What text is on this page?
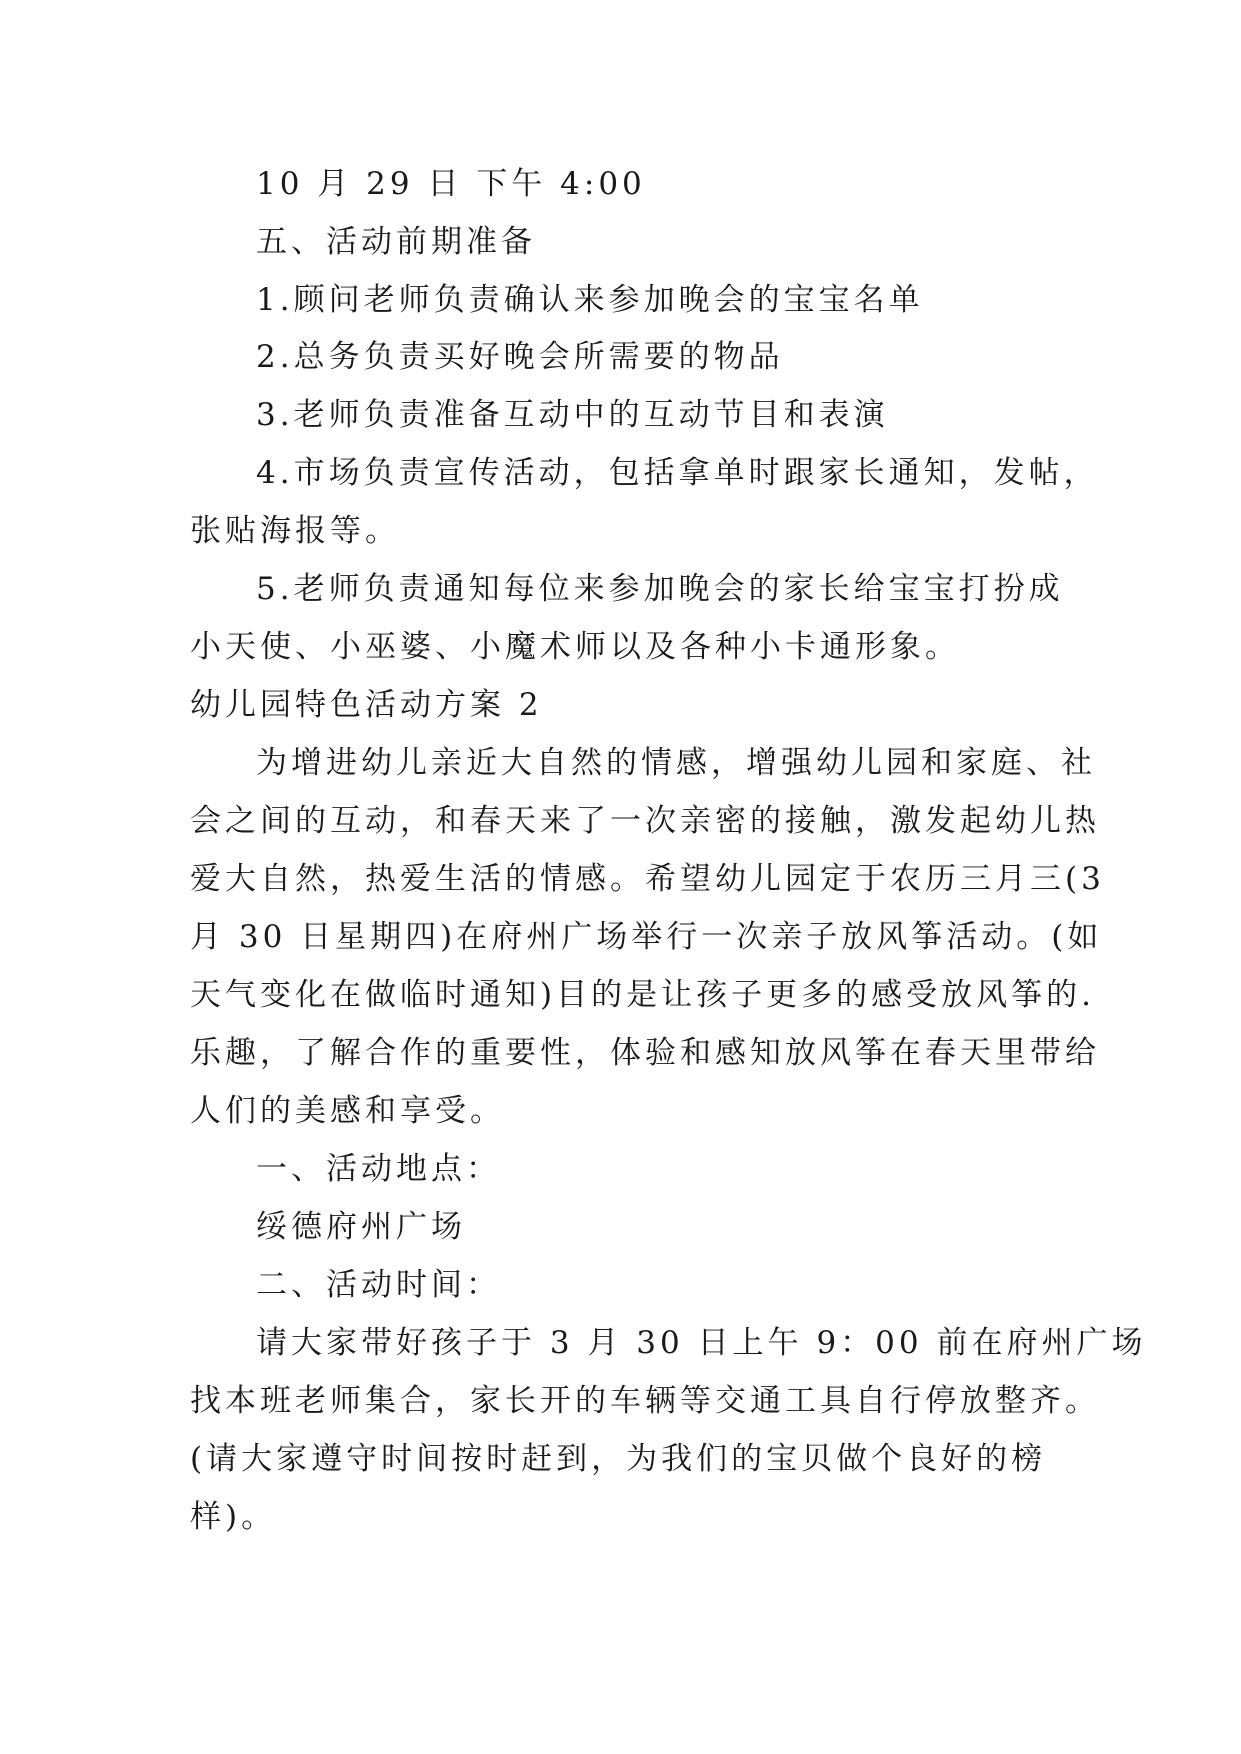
10 月 29 日 下午 4:00

五、活动前期准备

1.顾问老师负责确认来参加晚会的宝宝名单

2.总务负责买好晚会所需要的物品

3.老师负责准备互动中的互动节目和表演

4.市场负责宣传活动，包括拿单时跟家长通知，发帖，

张贴海报等。

5.老师负责通知每位来参加晚会的家长给宝宝打扮成

小天使、小巫婆、小魔术师以及各种小卡通形象。

幼儿园特色活动方案 2

为增进幼儿亲近大自然的情感，增强幼儿园和家庭、社

会之间的互动，和春天来了一次亲密的接触，激发起幼儿热

爱大自然，热爱生活的情感。希望幼儿园定于农历三月三(3

月 30 日星期四)在府州广场举行一次亲子放风筝活动。(如

天气变化在做临时通知)目的是让孩子更多的感受放风筝的.

乐趣，了解合作的重要性，体验和感知放风筝在春天里带给

人们的美感和享受。

一、活动地点：

绥德府州广场

二、活动时间：

请大家带好孩子于 3 月 30 日上午 9：00 前在府州广场

找本班老师集合，家长开的车辆等交通工具自行停放整齐。

(请大家遵守时间按时赶到，为我们的宝贝做个良好的榜

样)。
